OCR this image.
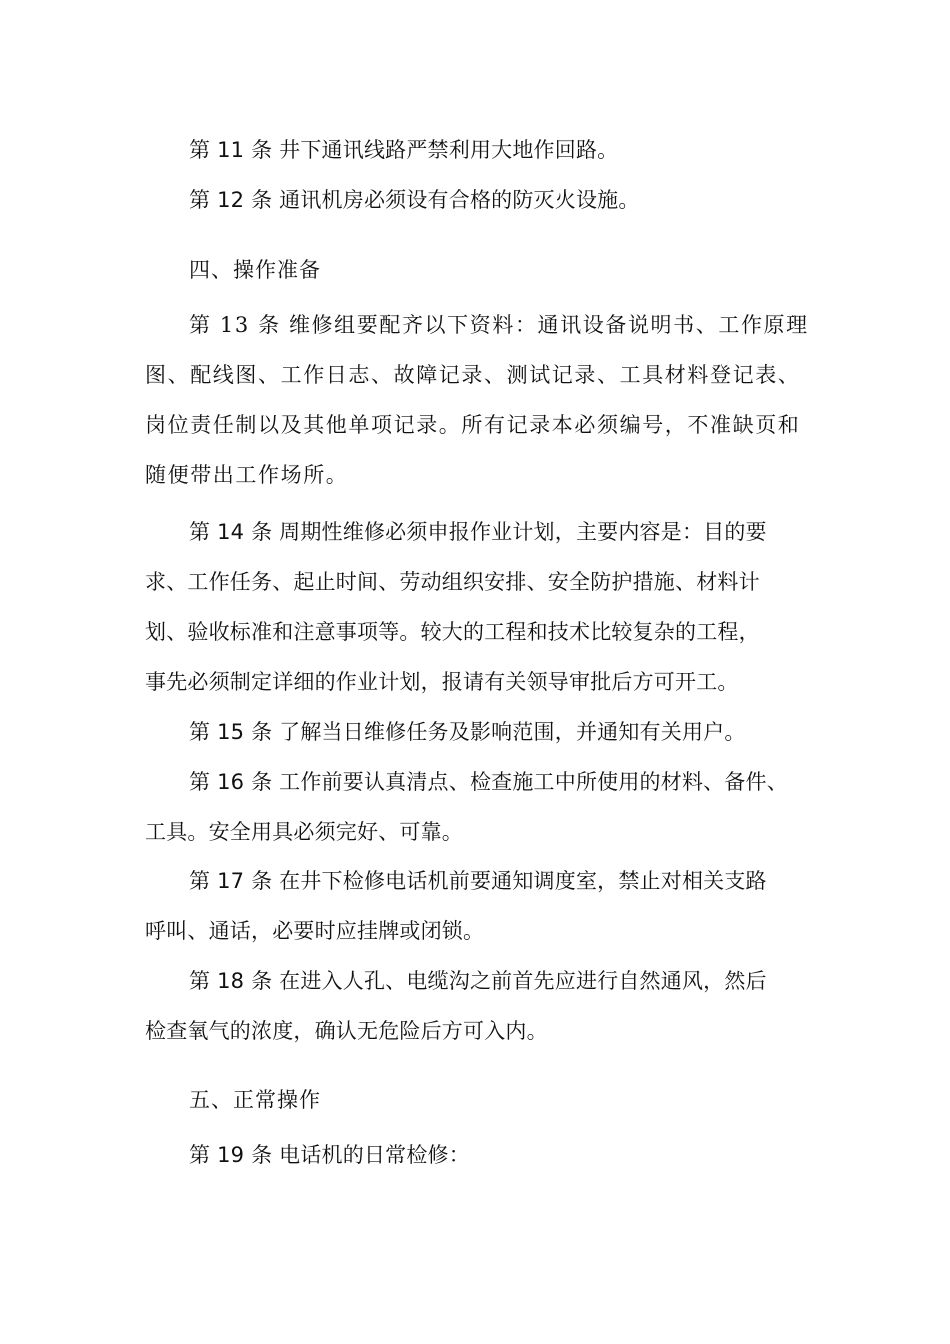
第 11 条 井下通讯线路严禁利用大地作回路。
第 12 条 通讯机房必须设有合格的防灭火设施。
四、操作准备
第 13 条 维修组要配齐以下资料：通讯设备说明书、工作原理
图、配线图、工作日志、故障记录、测试记录、工具材料登记表、
岗位责任制以及其他单项记录。所有记录本必须编号，不准缺页和
随便带出工作场所。
第 14 条 周期性维修必须申报作业计划，主要内容是：目的要
求、工作任务、起止时间、劳动组织安排、安全防护措施、材料计
划、验收标准和注意事项等。较大的工程和技术比较复杂的工程，
事先必须制定详细的作业计划，报请有关领导审批后方可开工。
第 15 条 了解当日维修任务及影响范围，并通知有关用户。
第 16 条 工作前要认真清点、检查施工中所使用的材料、备件、
工具。安全用具必须完好、可靠。
第 17 条 在井下检修电话机前要通知调度室，禁止对相关支路
呼叫、通话，必要时应挂牌或闭锁。
第 18 条 在进入人孔、电缆沟之前首先应进行自然通风，然后
检查氧气的浓度，确认无危险后方可入内。
五、正常操作
第 19 条 电话机的日常检修：
